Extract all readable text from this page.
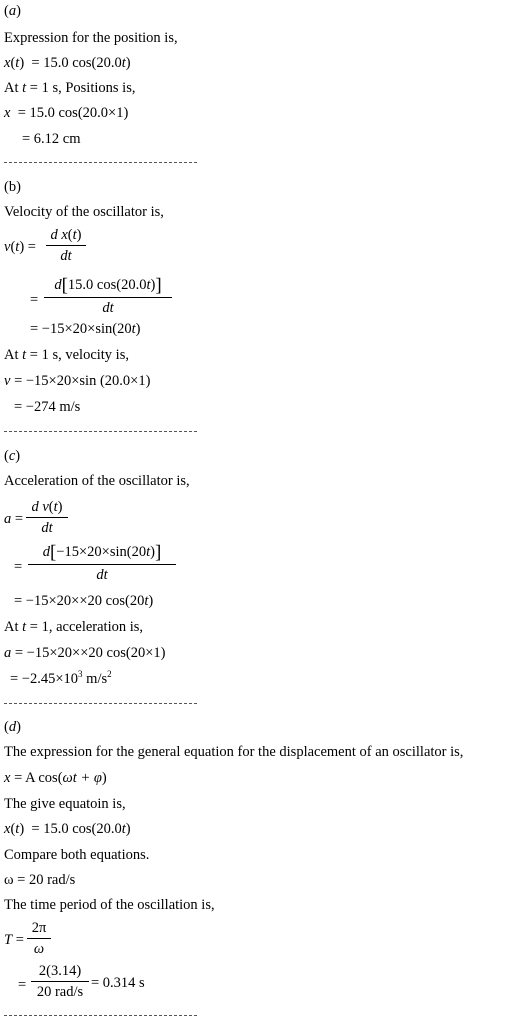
(a)
Expression for the position is,
x(t)  = 15.0 cos(20.0t)
At t = 1 s, Positions is,
x = 15.0 cos(20.0×1)
= 6.12 cm
(b)
Velocity of the oscillator is,
v(t) =
d x(t)
dt
=
d[15.0 cos(20.0t)]
dt
= −15×20×sin(20t)
At t = 1 s, velocity is,
v = −15×20×sin (20.0×1)
= −274 m/s
(c)
Acceleration of the oscillator is,
a =
d v(t)
dt
=
d[−15×20×sin(20t)]
dt
= −15×20××20 cos(20t)
At t = 1, acceleration is,
a = −15×20××20 cos(20×1)
= $-2.45\times 10^3$ $m/s^2$
(d)
The expression for the general equation for the displacement of an oscillator is,
x = A cos(ωt + φ)
The give equatoin is,
x(t)  = 15.0 cos(20.0t)
Compare both equations.
ω = 20 rad/s
The time period of the oscillation is,
T =
2π
ω
=
2(3.14)
20 rad/s
= 0.314 s
